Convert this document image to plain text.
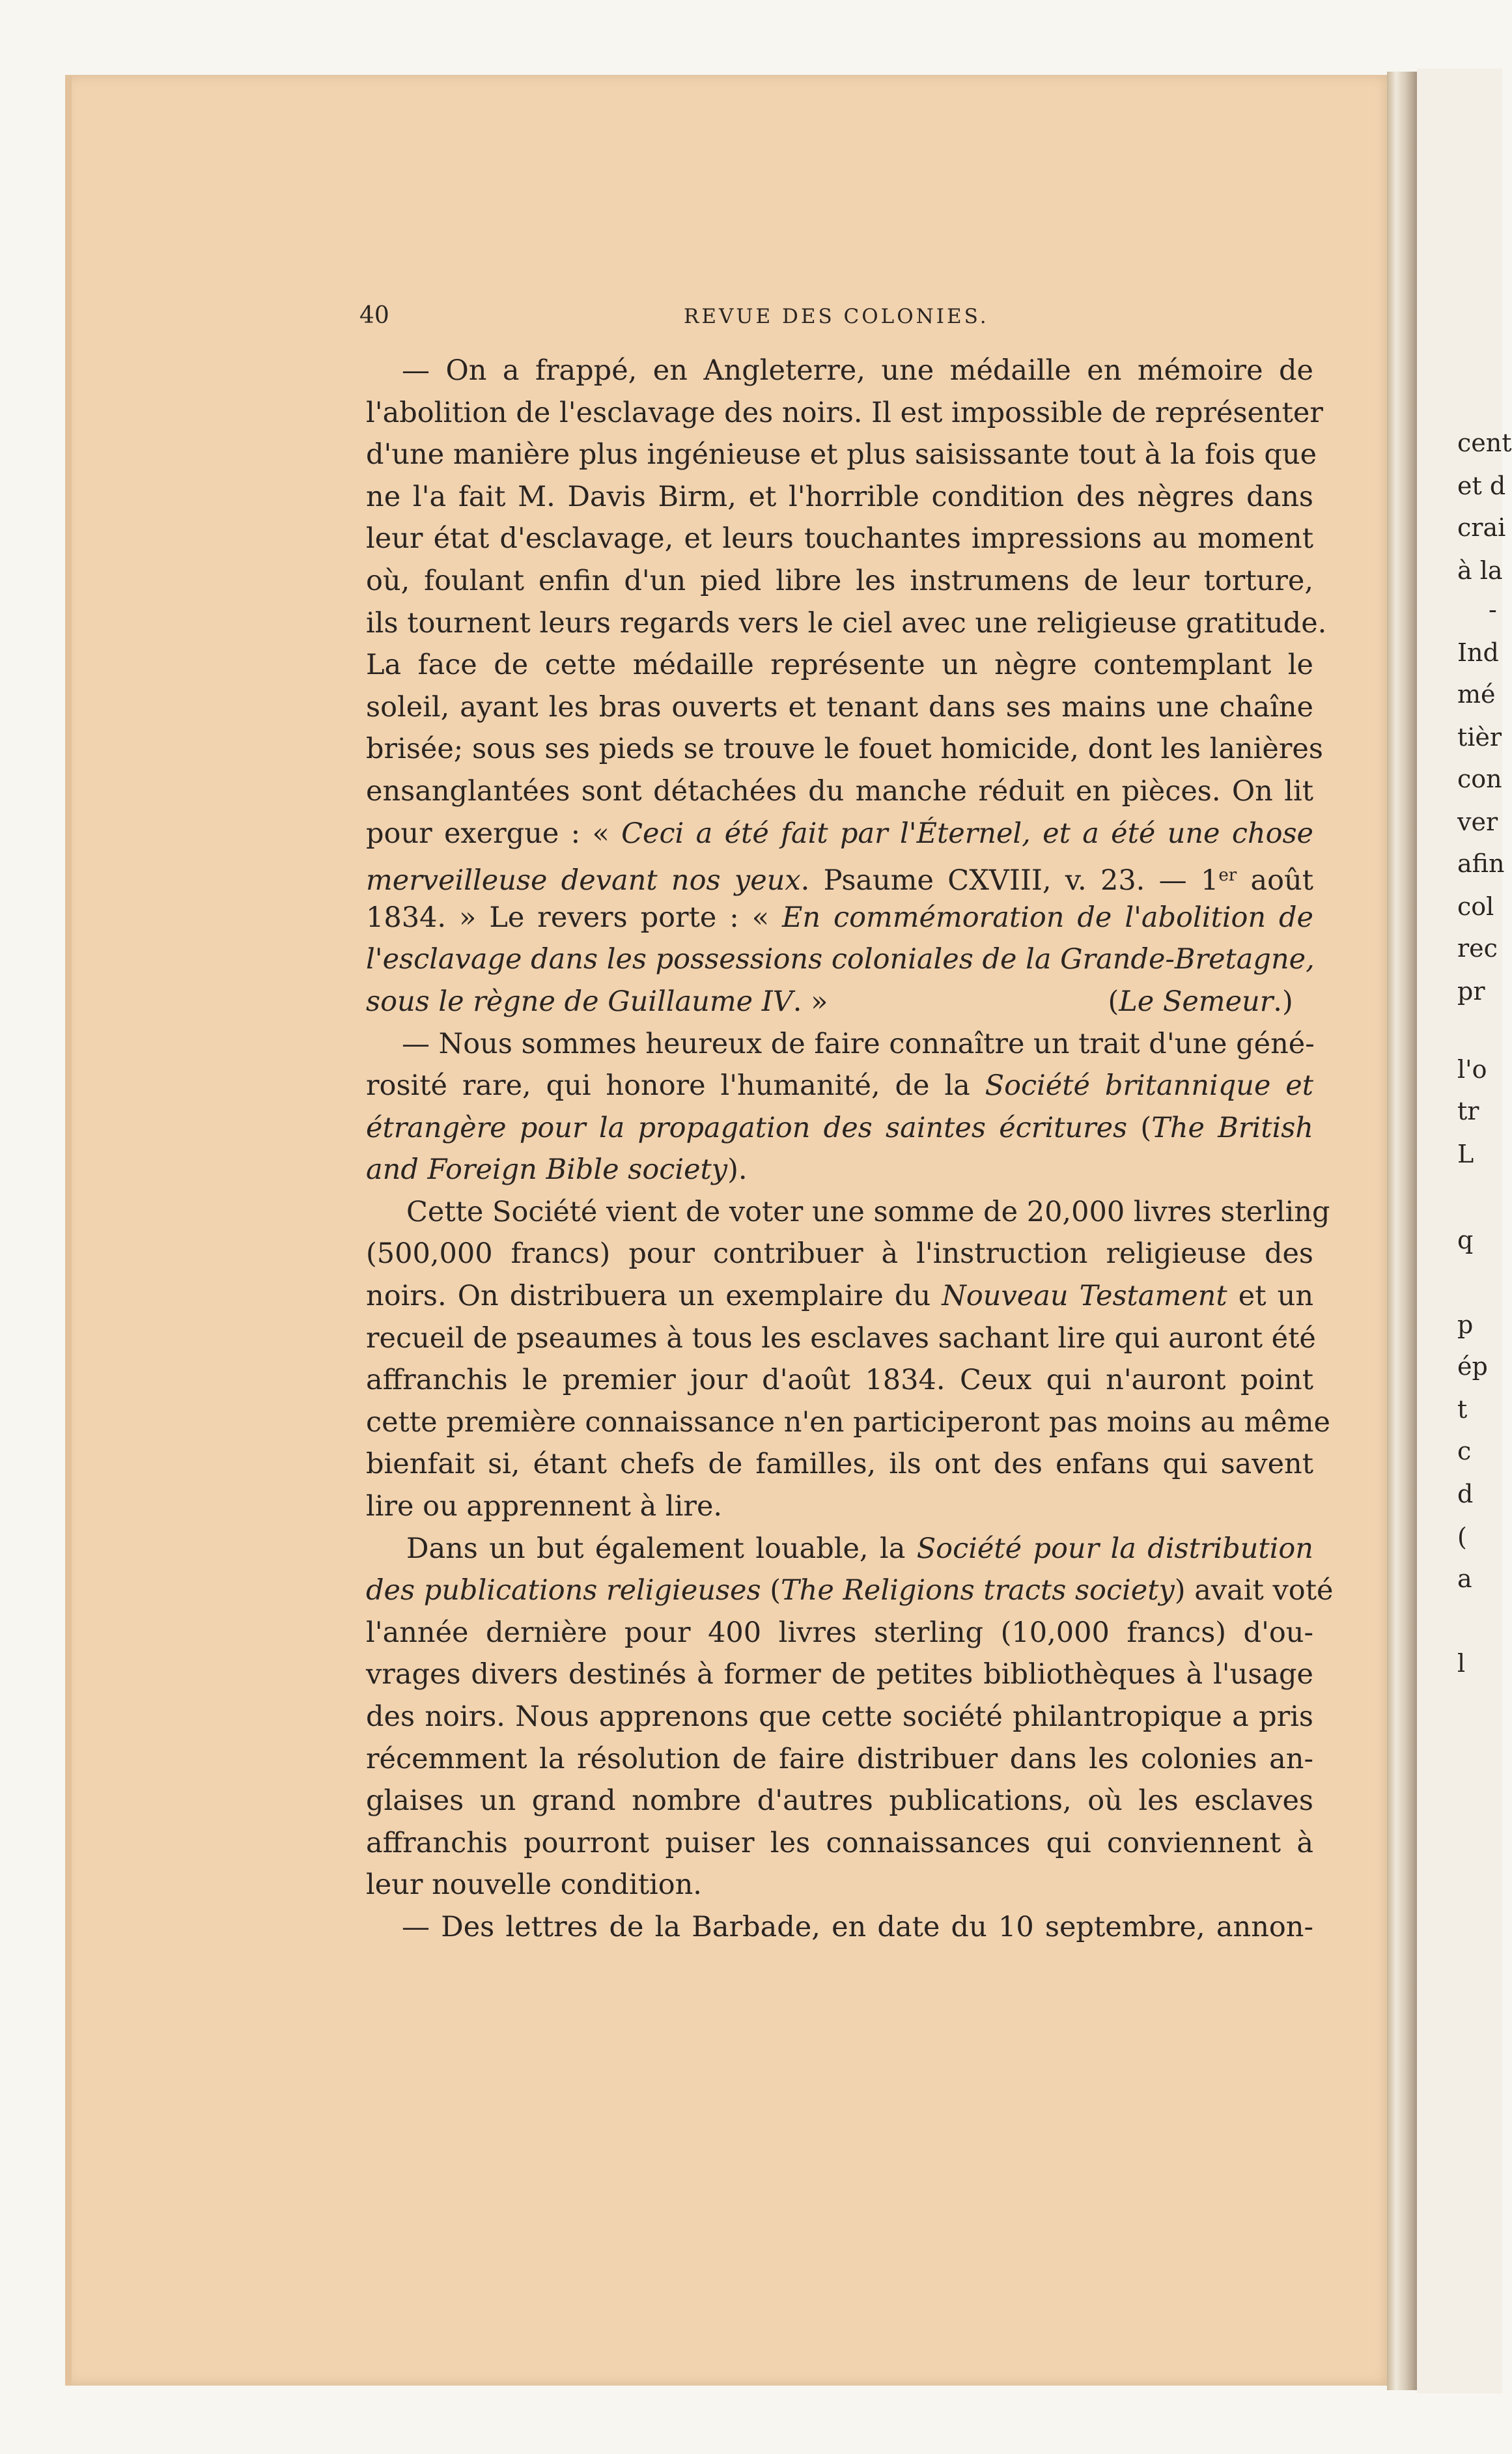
cent
et d
crai
à la
-
Ind
mé
tièr
con
ver
afin
col
rec
pr
l'o
tr
L
q
p
ép
t
c
d
(
a
l
40	REVUE DES COLONIES.
— On a frappé, en Angleterre, une médaille en mémoire de
l'abolition de l'esclavage des noirs. Il est impossible de représenter
d'une manière plus ingénieuse et plus saisissante tout à la fois que
ne l'a fait M. Davis Birm, et l'horrible condition des nègres dans
leur état d'esclavage, et leurs touchantes impressions au moment
où, foulant enfin d'un pied libre les instrumens de leur torture,
ils tournent leurs regards vers le ciel avec une religieuse gratitude.
La face de cette médaille représente un nègre contemplant le
soleil, ayant les bras ouverts et tenant dans ses mains une chaîne
brisée; sous ses pieds se trouve le fouet homicide, dont les lanières
ensanglantées sont détachées du manche réduit en pièces. On lit
pour exergue : « Ceci a été fait par l'Éternel, et a été une chose
merveilleuse devant nos yeux. Psaume CXVIII, v. 23. — 1er août
1834. » Le revers porte : « En commémoration de l'abolition de
l'esclavage dans les possessions coloniales de la Grande-Bretagne,
sous le règne de Guillaume IV. »	(Le Semeur.)
— Nous sommes heureux de faire connaître un trait d'une géné-
rosité rare, qui honore l'humanité, de la Société britannique et
étrangère pour la propagation des saintes écritures (The British
and Foreign Bible society).
Cette Société vient de voter une somme de 20,000 livres sterling
(500,000 francs) pour contribuer à l'instruction religieuse des
noirs. On distribuera un exemplaire du Nouveau Testament et un
recueil de pseaumes à tous les esclaves sachant lire qui auront été
affranchis le premier jour d'août 1834. Ceux qui n'auront point
cette première connaissance n'en participeront pas moins au même
bienfait si, étant chefs de familles, ils ont des enfans qui savent
lire ou apprennent à lire.
Dans un but également louable, la Société pour la distribution
des publications religieuses (The Religions tracts society) avait voté
l'année dernière pour 400 livres sterling (10,000 francs) d'ou-
vrages divers destinés à former de petites bibliothèques à l'usage
des noirs. Nous apprenons que cette société philantropique a pris
récemment la résolution de faire distribuer dans les colonies an-
glaises un grand nombre d'autres publications, où les esclaves
affranchis pourront puiser les connaissances qui conviennent à
leur nouvelle condition.
— Des lettres de la Barbade, en date du 10 septembre, annon-
